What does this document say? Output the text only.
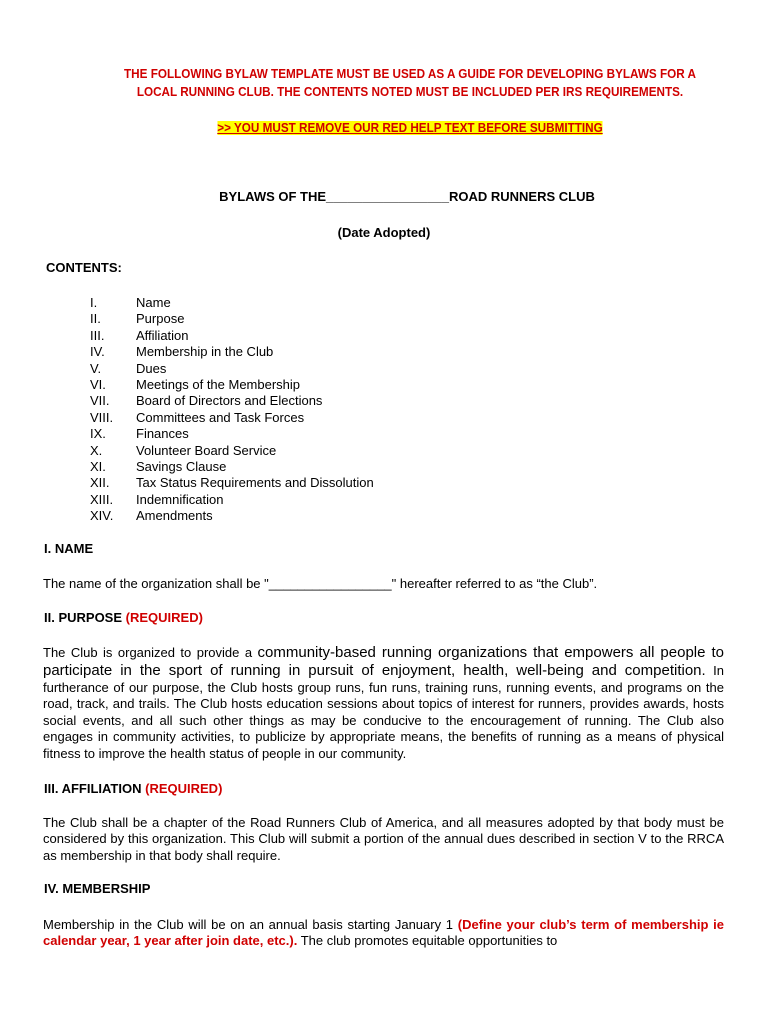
THE FOLLOWING BYLAW TEMPLATE MUST BE USED AS A GUIDE FOR DEVELOPING BYLAWS FOR A
LOCAL RUNNING CLUB. THE CONTENTS NOTED MUST BE INCLUDED PER IRS REQUIREMENTS.
>> YOU MUST REMOVE OUR RED HELP TEXT BEFORE SUBMITTING
BYLAWS OF THE_________________ROAD RUNNERS CLUB
(Date Adopted)
CONTENTS:
I.	Name
II.	Purpose
III. Affiliation
IV. Membership in the Club
V.	Dues
VI. Meetings of the Membership
VII. Board of Directors and Elections
VIII. Committees and Task Forces
IX. Finances
X.	Volunteer Board Service
XI. Savings Clause
XII. Tax Status Requirements and Dissolution
XIII. Indemnification
XIV. Amendments
I. NAME
The name of the organization shall be "_________________" hereafter referred to as “the Club”.
II. PURPOSE (REQUIRED)
The Club is organized to provide a community-based running organizations that empowers all people to participate in the sport of running in pursuit of enjoyment, health, well-being and competition. In furtherance of our purpose, the Club hosts group runs, fun runs, training runs, running events, and programs on the road, track, and trails. The Club hosts education sessions about topics of interest for runners, provides awards, hosts social events, and all such other things as may be conducive to the encouragement of running. The Club also engages in community activities, to publicize by appropriate means, the benefits of running as a means of physical fitness to improve the health status of people in our community.
III. AFFILIATION (REQUIRED)
The Club shall be a chapter of the Road Runners Club of America, and all measures adopted by that body must be considered by this organization. This Club will submit a portion of the annual dues described in section V to the RRCA as membership in that body shall require.
IV. MEMBERSHIP
Membership in the Club will be on an annual basis starting January 1 (Define your club’s term of membership ie calendar year, 1 year after join date, etc.). The club promotes equitable opportunities to
